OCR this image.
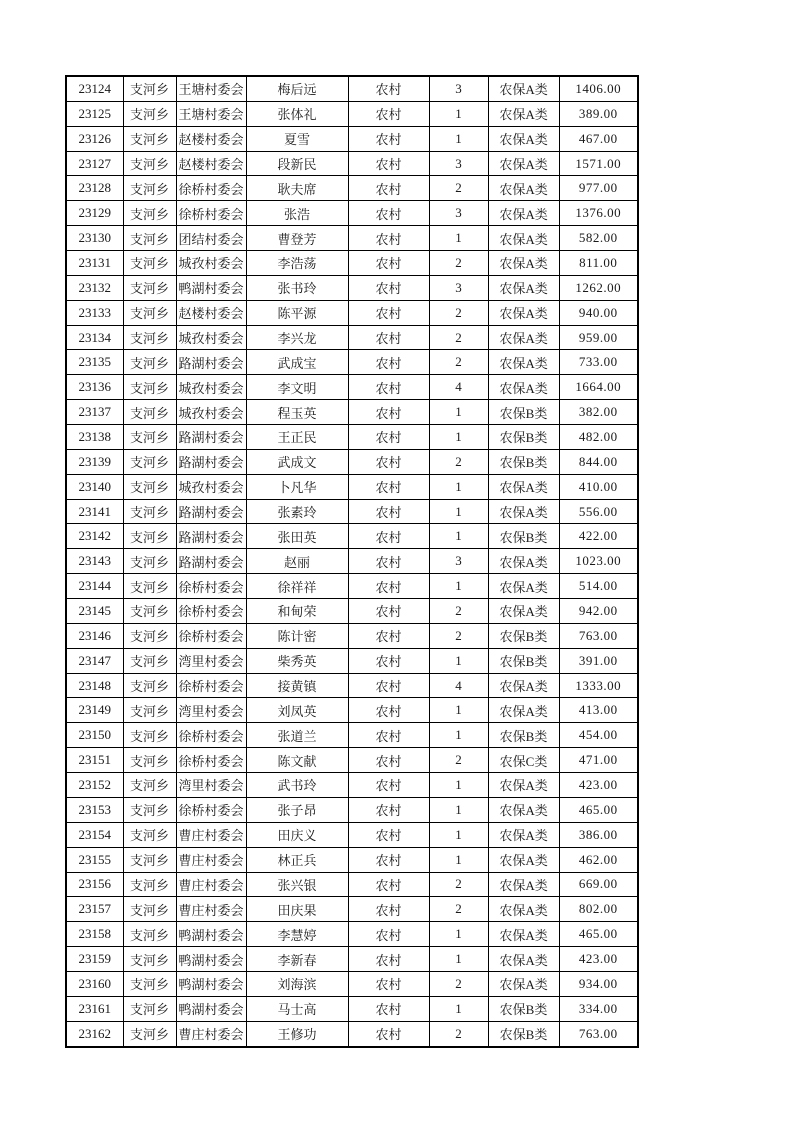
23124	支河乡	王塘村委会	梅后远	农村	3	农保A类	1406.00
23125	支河乡	王塘村委会	张体礼	农村	1	农保A类	389.00
23126	支河乡	赵楼村委会	夏雪	农村	1	农保A类	467.00
23127	支河乡	赵楼村委会	段新民	农村	3	农保A类	1571.00
23128	支河乡	徐桥村委会	耿夫席	农村	2	农保A类	977.00
23129	支河乡	徐桥村委会	张浩	农村	3	农保A类	1376.00
23130	支河乡	团结村委会	曹登芳	农村	1	农保A类	582.00
23131	支河乡	城孜村委会	李浩荡	农村	2	农保A类	811.00
23132	支河乡	鸭湖村委会	张书玲	农村	3	农保A类	1262.00
23133	支河乡	赵楼村委会	陈平源	农村	2	农保A类	940.00
23134	支河乡	城孜村委会	李兴龙	农村	2	农保A类	959.00
23135	支河乡	路湖村委会	武成宝	农村	2	农保A类	733.00
23136	支河乡	城孜村委会	李文明	农村	4	农保A类	1664.00
23137	支河乡	城孜村委会	程玉英	农村	1	农保B类	382.00
23138	支河乡	路湖村委会	王正民	农村	1	农保B类	482.00
23139	支河乡	路湖村委会	武成文	农村	2	农保B类	844.00
23140	支河乡	城孜村委会	卜凡华	农村	1	农保A类	410.00
23141	支河乡	路湖村委会	张素玲	农村	1	农保A类	556.00
23142	支河乡	路湖村委会	张田英	农村	1	农保B类	422.00
23143	支河乡	路湖村委会	赵丽	农村	3	农保A类	1023.00
23144	支河乡	徐桥村委会	徐祥祥	农村	1	农保A类	514.00
23145	支河乡	徐桥村委会	和甸荣	农村	2	农保A类	942.00
23146	支河乡	徐桥村委会	陈计密	农村	2	农保B类	763.00
23147	支河乡	湾里村委会	柴秀英	农村	1	农保B类	391.00
23148	支河乡	徐桥村委会	接黄镇	农村	4	农保A类	1333.00
23149	支河乡	湾里村委会	刘凤英	农村	1	农保A类	413.00
23150	支河乡	徐桥村委会	张道兰	农村	1	农保B类	454.00
23151	支河乡	徐桥村委会	陈文献	农村	2	农保C类	471.00
23152	支河乡	湾里村委会	武书玲	农村	1	农保A类	423.00
23153	支河乡	徐桥村委会	张子昂	农村	1	农保A类	465.00
23154	支河乡	曹庄村委会	田庆义	农村	1	农保A类	386.00
23155	支河乡	曹庄村委会	林正兵	农村	1	农保A类	462.00
23156	支河乡	曹庄村委会	张兴银	农村	2	农保A类	669.00
23157	支河乡	曹庄村委会	田庆果	农村	2	农保A类	802.00
23158	支河乡	鸭湖村委会	李慧婷	农村	1	农保A类	465.00
23159	支河乡	鸭湖村委会	李新春	农村	1	农保A类	423.00
23160	支河乡	鸭湖村委会	刘海滨	农村	2	农保A类	934.00
23161	支河乡	鸭湖村委会	马士高	农村	1	农保B类	334.00
23162	支河乡	曹庄村委会	王修功	农村	2	农保B类	763.00
